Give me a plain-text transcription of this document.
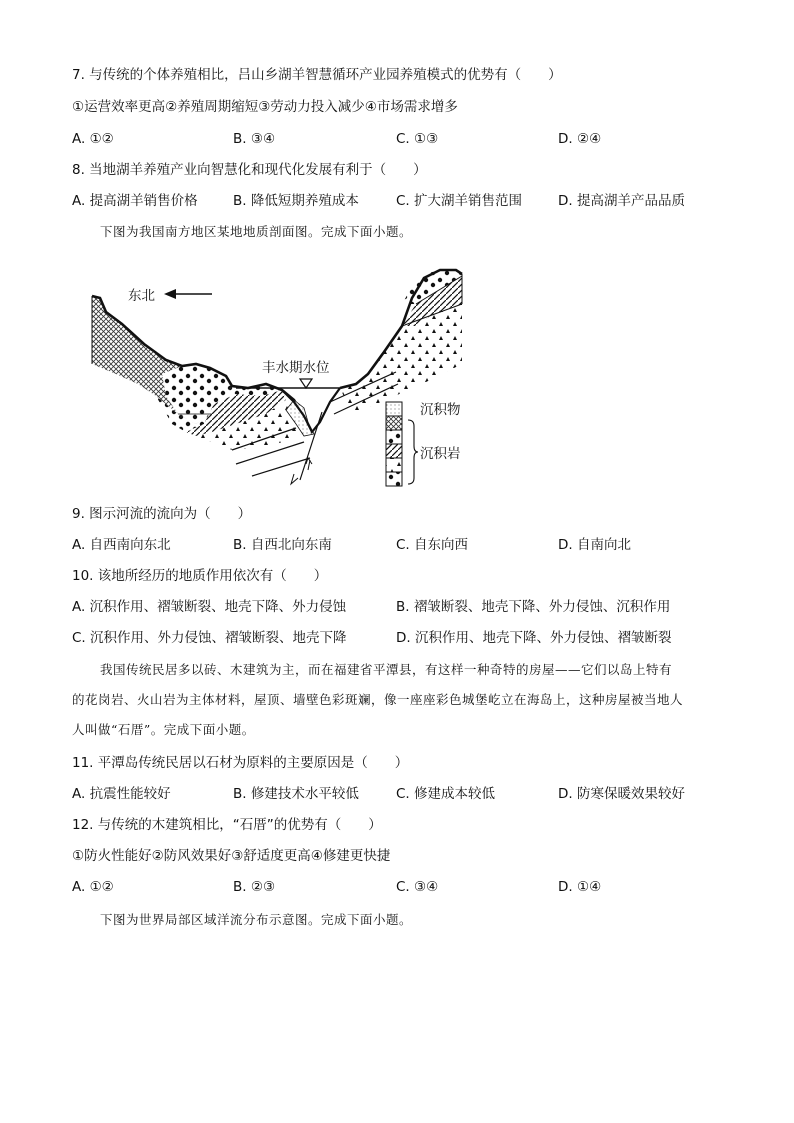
7. 与传统的个体养殖相比，吕山乡湖羊智慧循环产业园养殖模式的优势有（　　）
①运营效率更高②养殖周期缩短③劳动力投入减少④市场需求增多
A. ①②	B. ③④	C. ①③	D. ②④
8. 当地湖羊养殖产业向智慧化和现代化发展有利于（　　）
A. 提高湖羊销售价格	B. 降低短期养殖成本	C. 扩大湖羊销售范围	D. 提高湖羊产品品质
下图为我国南方地区某地地质剖面图。完成下面小题。
东北
丰水期水位
沉积物
沉积岩
9. 图示河流的流向为（　　）
A. 自西南向东北	B. 自西北向东南	C. 自东向西	D. 自南向北
10. 该地所经历的地质作用依次有（　　）
A. 沉积作用、褶皱断裂、地壳下降、外力侵蚀	B. 褶皱断裂、地壳下降、外力侵蚀、沉积作用
C. 沉积作用、外力侵蚀、褶皱断裂、地壳下降	D. 沉积作用、地壳下降、外力侵蚀、褶皱断裂
我国传统民居多以砖、木建筑为主，而在福建省平潭县，有这样一种奇特的房屋——它们以岛上特有
的花岗岩、火山岩为主体材料，屋顶、墙壁色彩斑斓，像一座座彩色城堡屹立在海岛上，这种房屋被当地人
人叫做“石厝”。完成下面小题。
11. 平潭岛传统民居以石材为原料的主要原因是（　　）
A. 抗震性能较好	B. 修建技术水平较低	C. 修建成本较低	D. 防寒保暖效果较好
12. 与传统的木建筑相比，“石厝”的优势有（　　）
①防火性能好②防风效果好③舒适度更高④修建更快捷
A. ①②	B. ②③	C. ③④	D. ①④
下图为世界局部区域洋流分布示意图。完成下面小题。
